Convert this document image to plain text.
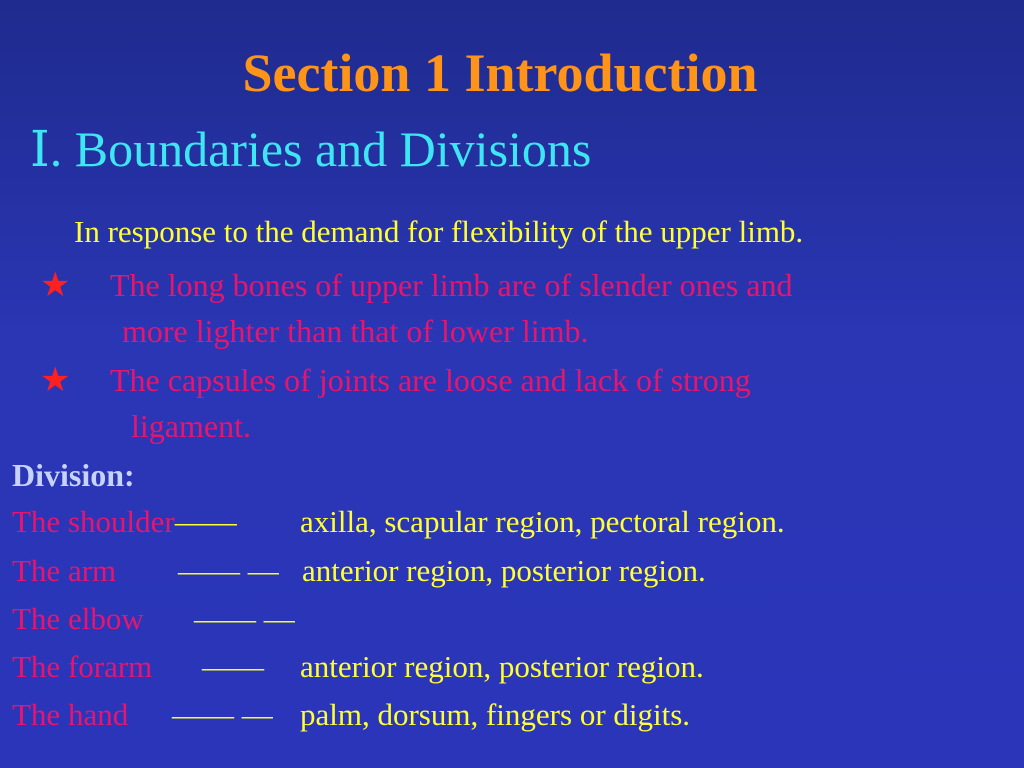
Section 1 Introduction
Ⅰ. Boundaries and Divisions
In response to the demand for flexibility of the upper limb.
★	The long bones of upper limb are of slender ones and
more lighter than that of lower limb.
★	The capsules of joints are loose and lack of strong
ligament.
Division:
The shoulder—— axilla, scapular region, pectoral region.
The arm —— — anterior region, posterior region.
The elbow —— —
The forarm —— anterior region, posterior region.
The hand —— — palm, dorsum, fingers or digits.
